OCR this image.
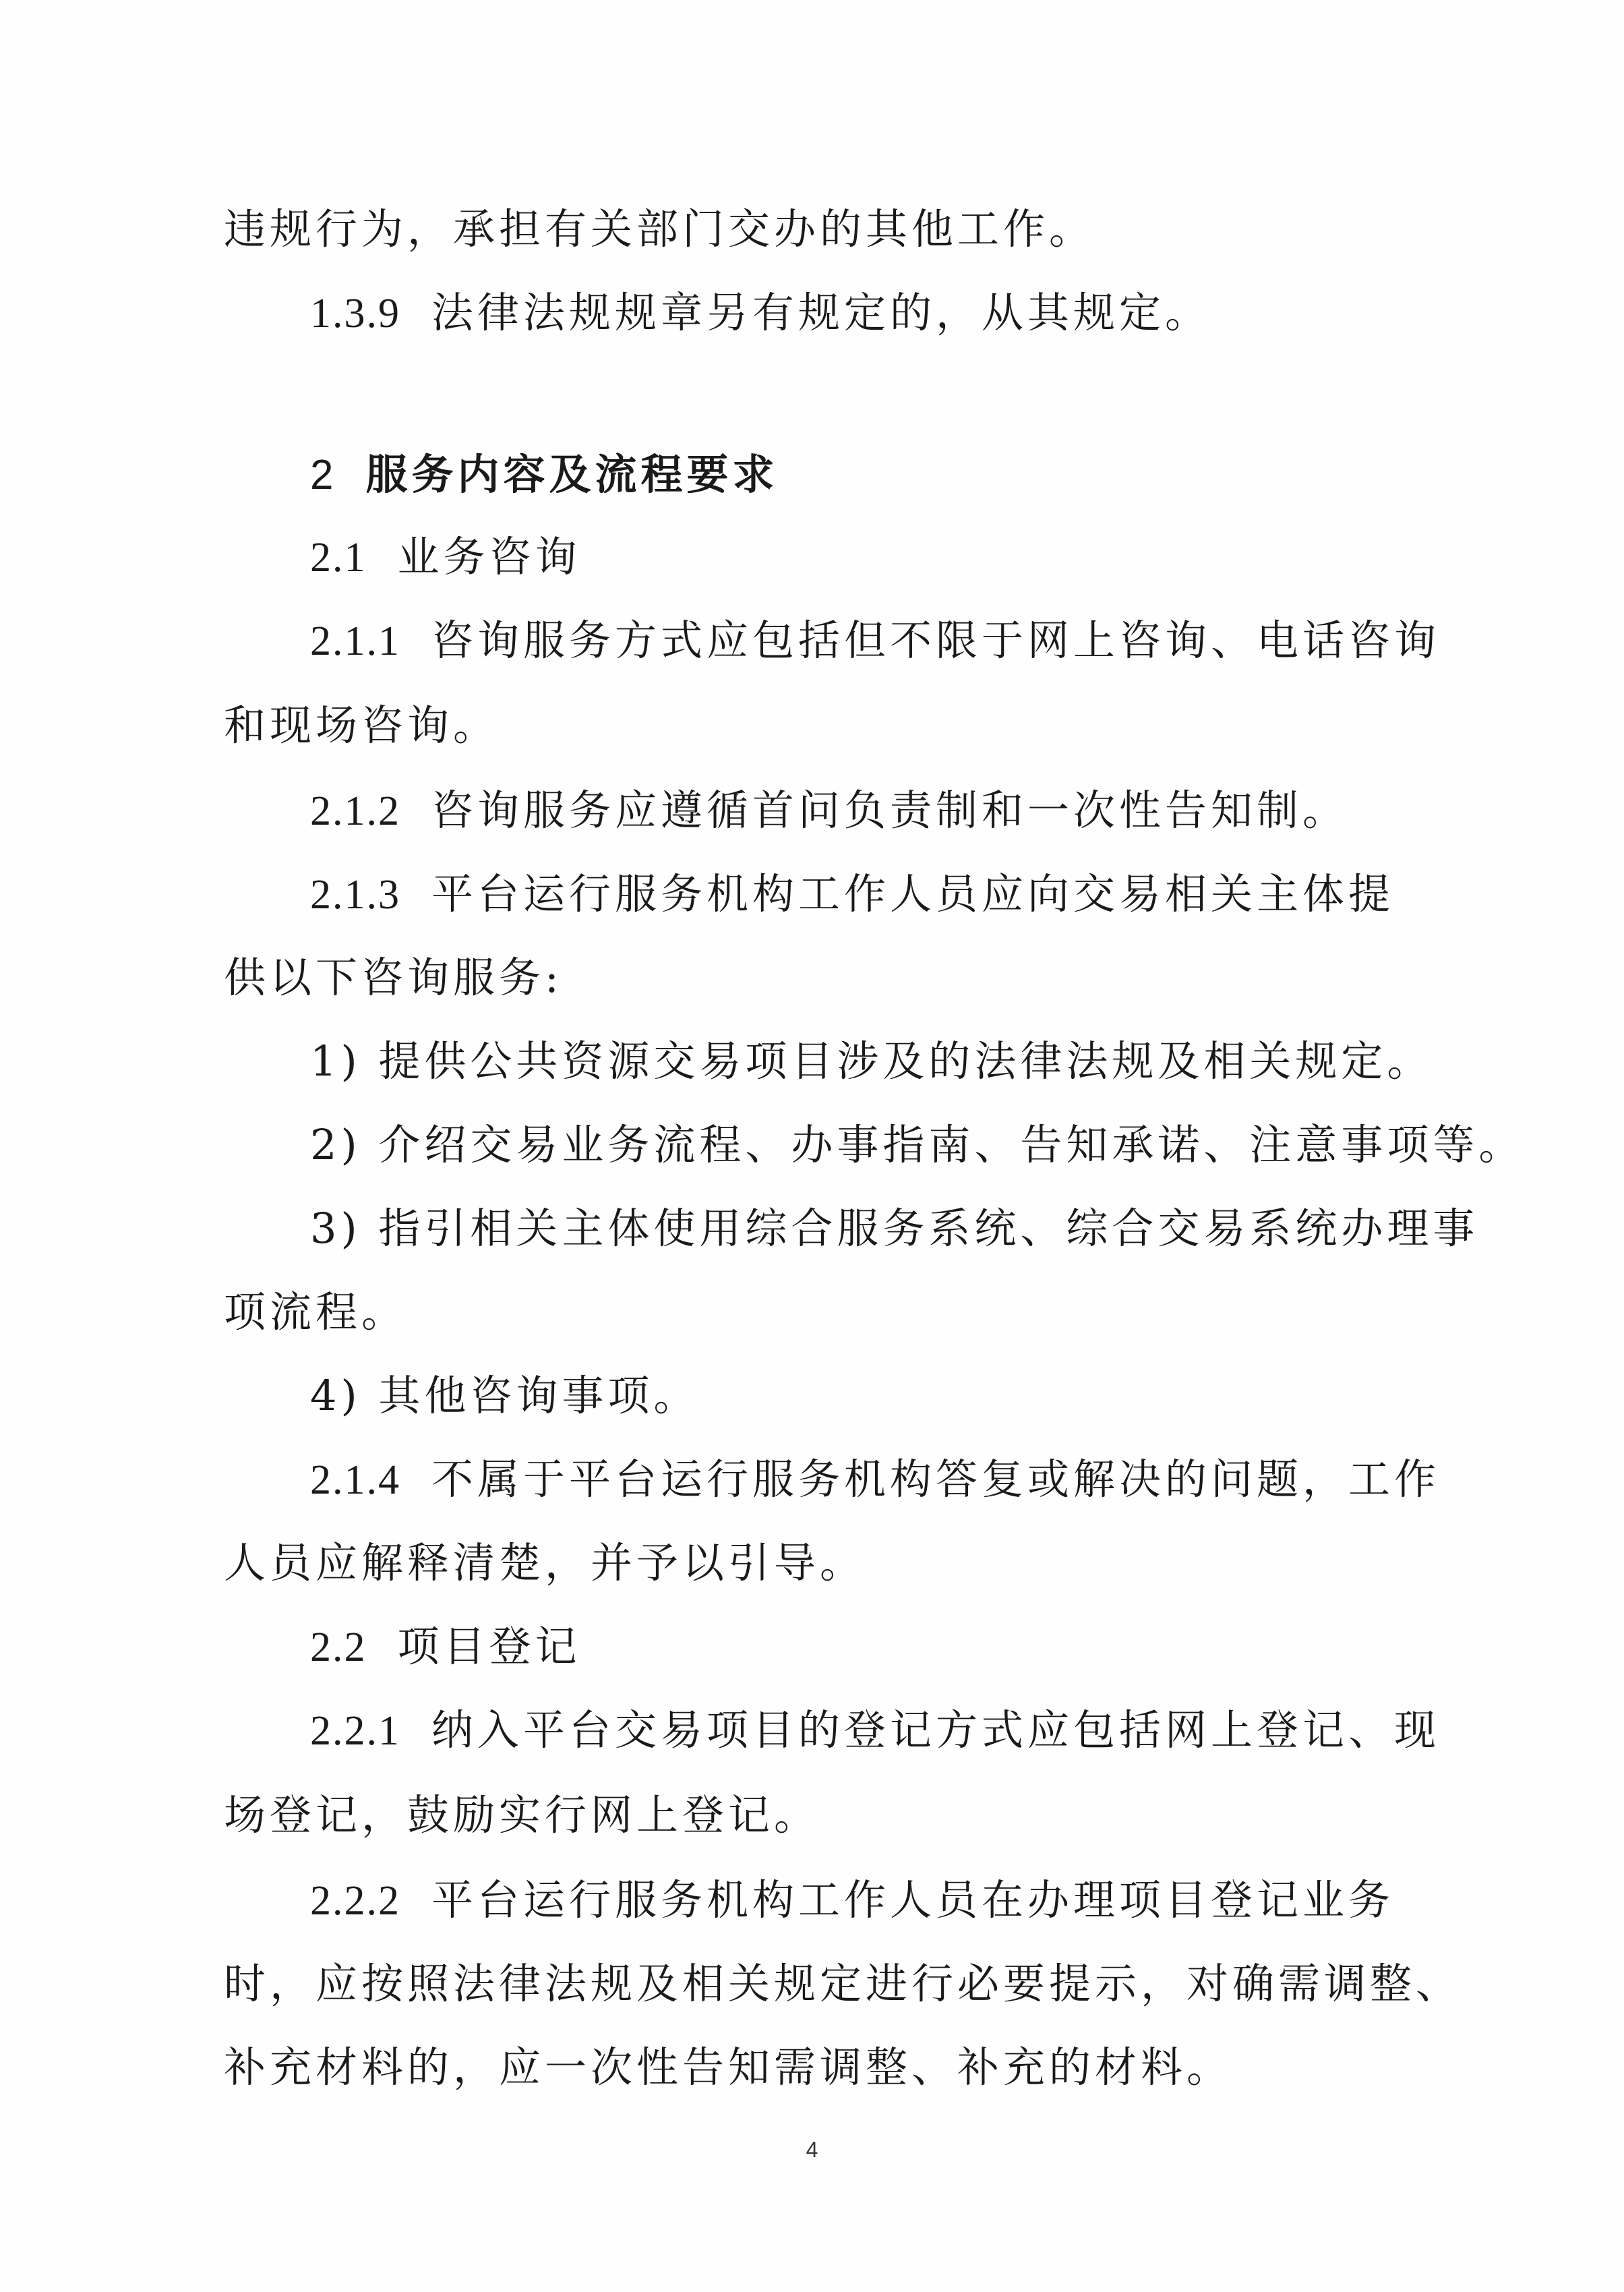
违规行为，承担有关部门交办的其他工作。
1.3.9 法律法规规章另有规定的，从其规定。
2 服务内容及流程要求
2.1 业务咨询
2.1.1 咨询服务方式应包括但不限于网上咨询、电话咨询
和现场咨询。
2.1.2 咨询服务应遵循首问负责制和一次性告知制。
2.1.3 平台运行服务机构工作人员应向交易相关主体提
供以下咨询服务:
1) 提供公共资源交易项目涉及的法律法规及相关规定。
2) 介绍交易业务流程、办事指南、告知承诺、注意事项等。
3) 指引相关主体使用综合服务系统、综合交易系统办理事
项流程。
4) 其他咨询事项。
2.1.4 不属于平台运行服务机构答复或解决的问题，工作
人员应解释清楚，并予以引导。
2.2 项目登记
2.2.1 纳入平台交易项目的登记方式应包括网上登记、现
场登记，鼓励实行网上登记。
2.2.2 平台运行服务机构工作人员在办理项目登记业务
时，应按照法律法规及相关规定进行必要提示，对确需调整、
补充材料的，应一次性告知需调整、补充的材料。
4
